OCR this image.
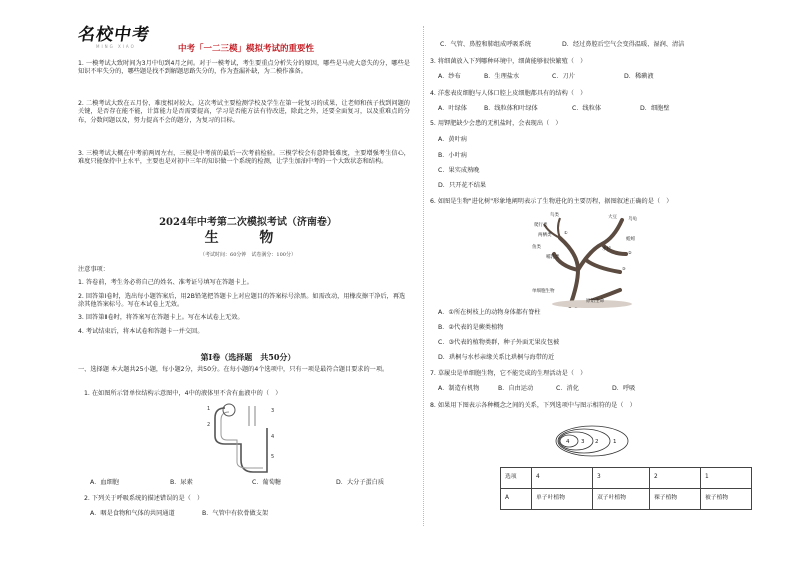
名校中考
MING XIAO	中考「一二三模」模拟考试的重要性
1. 一模考试大致时间为3月中旬到4月之间。对于一模考试，考生要重点分析失分的原因，哪些是马虎大意失的分，哪些是知识不牢失分的，哪些题是找不到解题思路失分的，作为查漏补缺，为二模作准备。
2. 二模考试大致在五月份，难度相对较大。这次考试主要检测学校及学生在第一轮复习的成果，让老师和孩子找到问题的关键，是否存在能不能，计算能力是否需要提高，学习是否能方法有待改进，除此之外，还要全面复习，以及重难点的分布，分数问题以及，努力提高不会的题分，为复习的目标。
3. 三模考试大概在中考前两周左右，三模是中考前的最后一次考前检验。三模学校会有意降低难度，主要增强考生信心，难度只能保持中上水平，主要也是对初中三年的知识做一个系统的检测，让学生加油中考的一个大致状态和结构。
2024年中考第二次模拟考试（济南卷）
生 物
（考试时间：60分钟　试卷满分：100分）
注意事项：
1. 答卷前，考生务必将自己的姓名、准考证号填写在答题卡上。
2. 回答第Ⅰ卷时，选出每小题答案后，用2B铅笔把答题卡上对应题目的答案标号涂黑。如需改动，用橡皮擦干净后，再选涂其他答案标号。写在本试卷上无效。
3. 回答第Ⅱ卷时，将答案写在答题卡上。写在本试卷上无效。
4. 考试结束后，将本试卷和答题卡一并交回。
第Ⅰ卷（选择题　共50分）
一、选择题 本大题共25小题，每小题2分，共50分。在每小题的4个选项中，只有一项是最符合题目要求的一项。
1. 在如图所示肾单位结构示意图中，4中的液体里不含有血液中的（　）
1
2
3
4
5
A．血细胞	B．尿素	C．葡萄糖	D．大分子蛋白质
2. 下列关于呼吸系统的描述错误的是（　）
A．咽是食物和气体的共同通道	B．气管中有软骨做支架
C．气管、鼻腔和肺组成呼吸系统	D．经过鼻腔后空气会变得温暖、湿润、清洁
3. 将细菌放入下列哪种环境中，细菌能够很快繁殖（　）
A．纱布	B．生理盐水	C．刀片	D．稀碘液
4. 洋葱表皮细胞与人体口腔上皮细胞都具有的结构（　）
A．叶绿体	B．线粒体和叶绿体	C．线粒体	D．细胞壁
5. 用钾肥缺少会患的无机盐时，会表现出（　）
A．黄叶病
B．小叶病
C．果实成熟晚
D．只开花不结果
6. 如图是生物"进化树"形象地阐明表示了生物进化的主要历程，据图叙述正确的是（　）
鸟类
爬行类
两栖类
鱼类
哺乳类
大豆 乌龟
蚯蚓
水杉
单细胞生物
原始生命
①
②
③
A．①所在树枝上的动物身体都有脊柱
B．②代表的是蕨类植物
C．③代表的植物类群，种子外面无果皮包被
D．珙桐与水杉亲缘关系比珙桐与海带的近
7. 草履虫是单细胞生物，它不能完成的生理活动是（　）
A．制造有机物	B．自由运动	C．消化	D．呼吸
8. 如果用下图表示各种概念之间的关系，下列选项中与图示相符的是（　）
4 3 2	1
选项	4	3	2	1
A	单子叶植物	双子叶植物	裸子植物	被子植物
